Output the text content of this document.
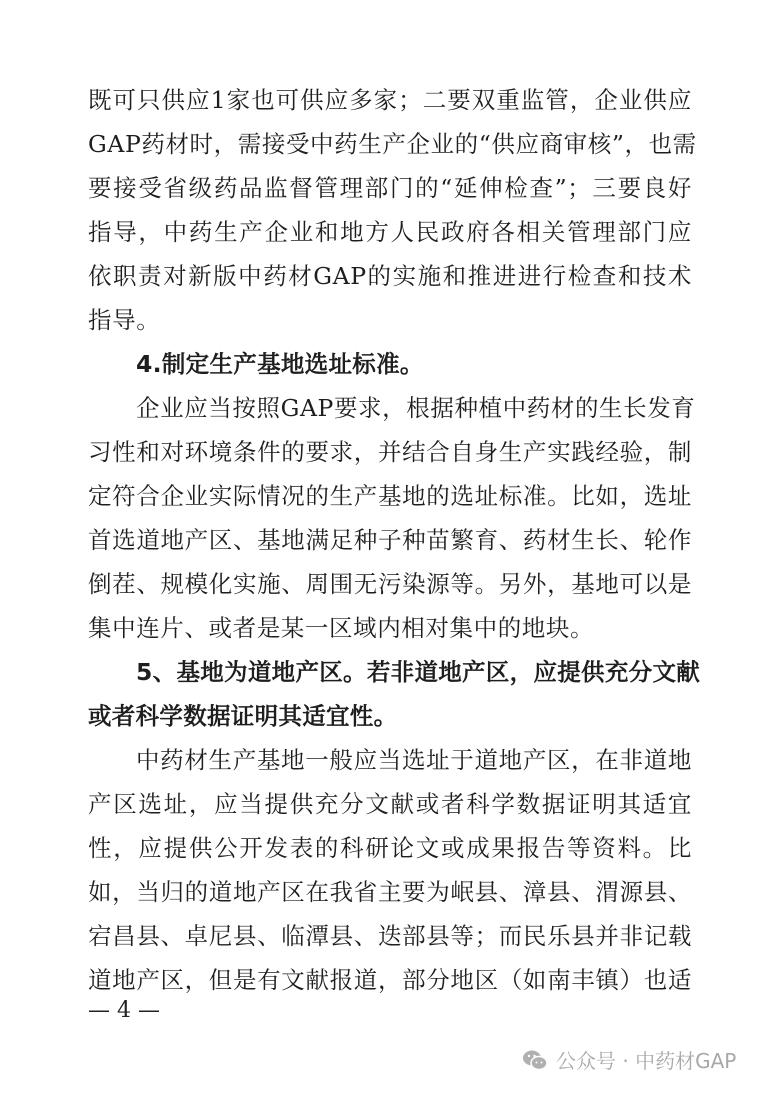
既可只供应1家也可供应多家；二要双重监管，企业供应
GAP药材时，需接受中药生产企业的“供应商审核”，也需
要接受省级药品监督管理部门的“延伸检查”；三要良好
指导，中药生产企业和地方人民政府各相关管理部门应
依职责对新版中药材GAP的实施和推进进行检查和技术
指导。
4.制定生产基地选址标准。
企业应当按照GAP要求，根据种植中药材的生长发育
习性和对环境条件的要求，并结合自身生产实践经验，制
定符合企业实际情况的生产基地的选址标准。比如，选址
首选道地产区、基地满足种子种苗繁育、药材生长、轮作
倒茬、规模化实施、周围无污染源等。另外，基地可以是
集中连片、或者是某一区域内相对集中的地块。
5、基地为道地产区。若非道地产区，应提供充分文献
或者科学数据证明其适宜性。
中药材生产基地一般应当选址于道地产区，在非道地
产区选址，应当提供充分文献或者科学数据证明其适宜
性，应提供公开发表的科研论文或成果报告等资料。比
如，当归的道地产区在我省主要为岷县、漳县、渭源县、
宕昌县、卓尼县、临潭县、迭部县等；而民乐县并非记载
道地产区，但是有文献报道，部分地区（如南丰镇）也适
— 4 —
公众号 · 中药材GAP
